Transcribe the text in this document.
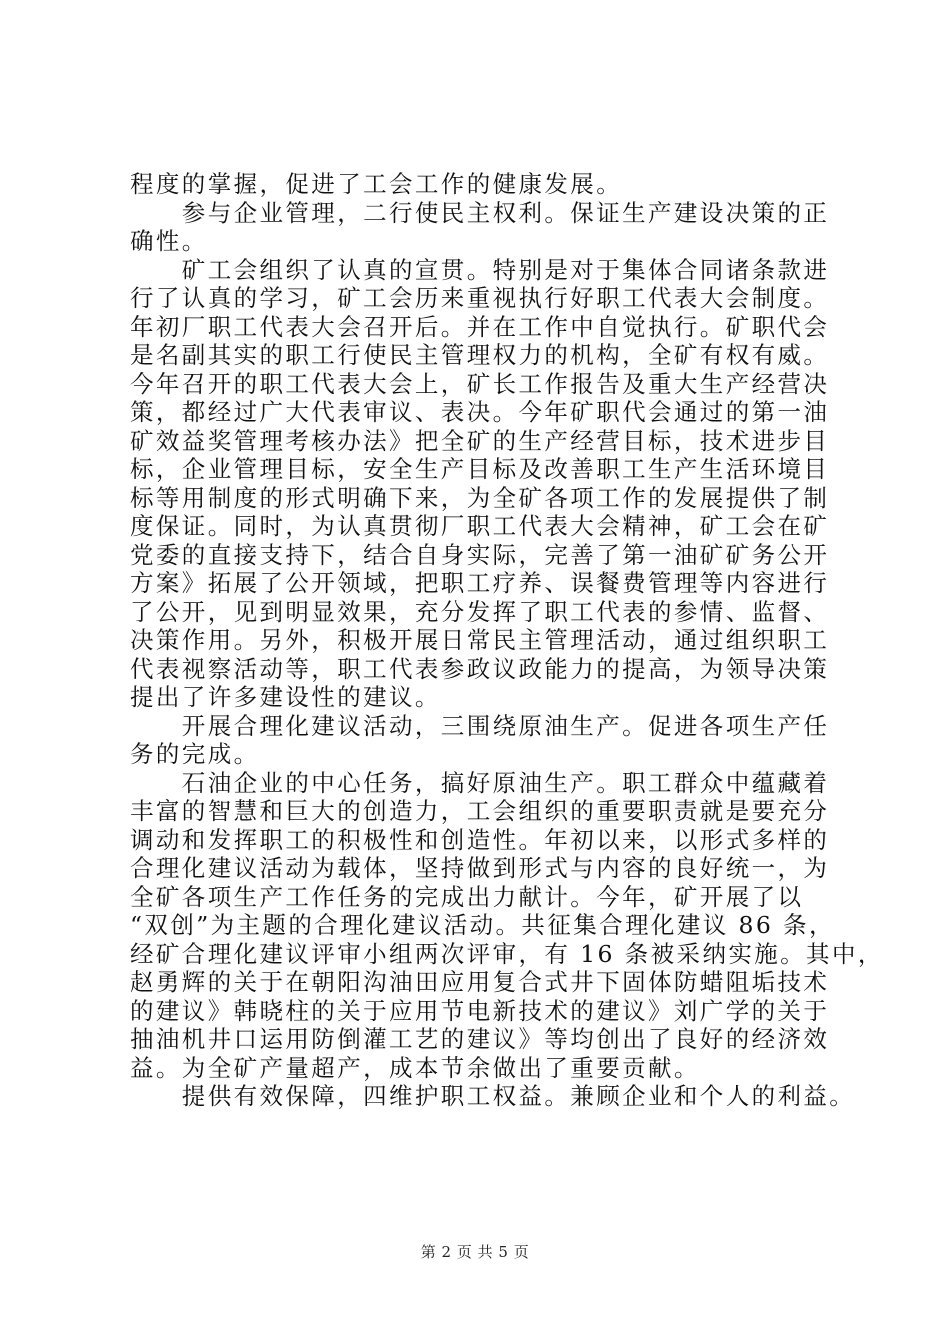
程度的掌握，促进了工会工作的健康发展。
　　参与企业管理，二行使民主权利。保证生产建设决策的正
确性。
　　矿工会组织了认真的宣贯。特别是对于集体合同诸条款进
行了认真的学习，矿工会历来重视执行好职工代表大会制度。
年初厂职工代表大会召开后。并在工作中自觉执行。矿职代会
是名副其实的职工行使民主管理权力的机构，全矿有权有威。
今年召开的职工代表大会上，矿长工作报告及重大生产经营决
策，都经过广大代表审议、表决。今年矿职代会通过的第一油
矿效益奖管理考核办法》把全矿的生产经营目标，技术进步目
标，企业管理目标，安全生产目标及改善职工生产生活环境目
标等用制度的形式明确下来，为全矿各项工作的发展提供了制
度保证。同时，为认真贯彻厂职工代表大会精神，矿工会在矿
党委的直接支持下，结合自身实际，完善了第一油矿矿务公开
方案》拓展了公开领域，把职工疗养、误餐费管理等内容进行
了公开，见到明显效果，充分发挥了职工代表的参情、监督、
决策作用。另外，积极开展日常民主管理活动，通过组织职工
代表视察活动等，职工代表参政议政能力的提高，为领导决策
提出了许多建设性的建议。
　　开展合理化建议活动，三围绕原油生产。促进各项生产任
务的完成。
　　石油企业的中心任务，搞好原油生产。职工群众中蕴藏着
丰富的智慧和巨大的创造力，工会组织的重要职责就是要充分
调动和发挥职工的积极性和创造性。年初以来，以形式多样的
合理化建议活动为载体，坚持做到形式与内容的良好统一，为
全矿各项生产工作任务的完成出力献计。今年，矿开展了以
“双创”为主题的合理化建议活动。共征集合理化建议 86 条，
经矿合理化建议评审小组两次评审，有 16 条被采纳实施。其中，
赵勇辉的关于在朝阳沟油田应用复合式井下固体防蜡阻垢技术
的建议》韩晓柱的关于应用节电新技术的建议》刘广学的关于
抽油机井口运用防倒灌工艺的建议》等均创出了良好的经济效
益。为全矿产量超产，成本节余做出了重要贡献。
　　提供有效保障，四维护职工权益。兼顾企业和个人的利益。
第 2 页 共 5 页
